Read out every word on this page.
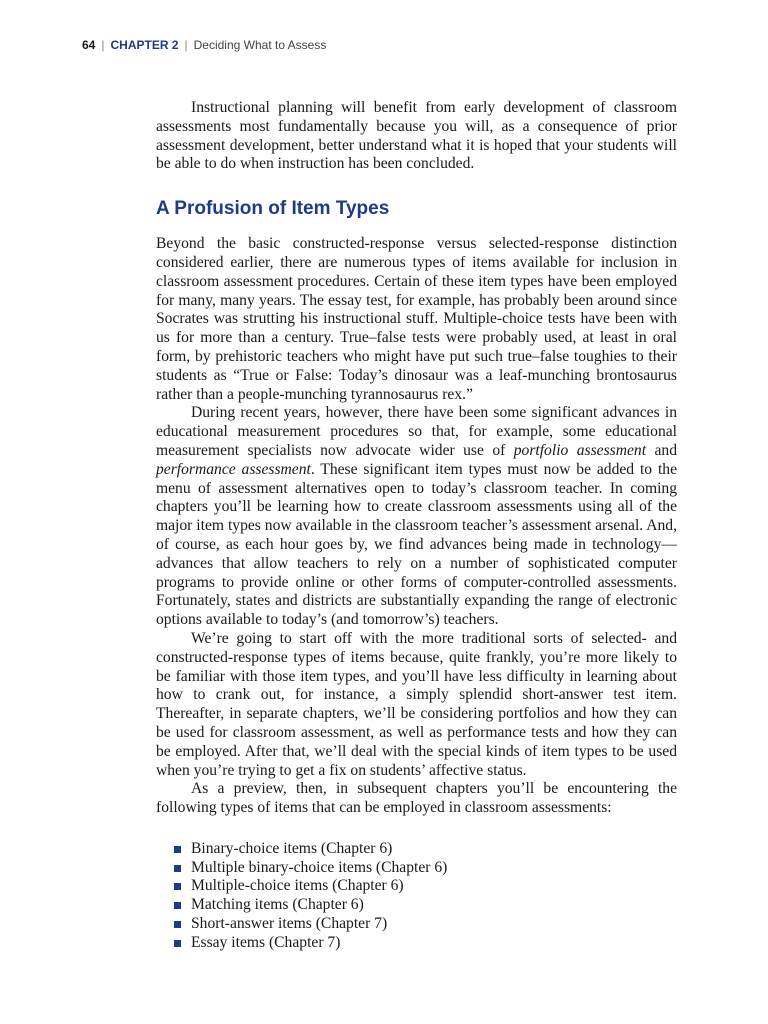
64 | CHAPTER 2 | Deciding What to Assess

Instructional planning will benefit from early development of classroom assessments most fundamentally because you will, as a consequence of prior assessment development, better understand what it is hoped that your students will be able to do when instruction has been concluded.

A Profusion of Item Types

Beyond the basic constructed-response versus selected-response distinction considered earlier, there are numerous types of items available for inclusion in classroom assessment procedures. Certain of these item types have been employed for many, many years. The essay test, for example, has probably been around since Socrates was strutting his instructional stuff. Multiple-choice tests have been with us for more than a century. True–false tests were probably used, at least in oral form, by prehistoric teachers who might have put such true–false toughies to their students as “True or False: Today’s dinosaur was a leaf-munching brontosaurus rather than a people-munching tyrannosaurus rex.”

During recent years, however, there have been some significant advances in educational measurement procedures so that, for example, some educational measurement specialists now advocate wider use of portfolio assessment and performance assessment. These significant item types must now be added to the menu of assessment alternatives open to today’s classroom teacher. In coming chapters you’ll be learning how to create classroom assessments using all of the major item types now available in the classroom teacher’s assessment arsenal. And, of course, as each hour goes by, we find advances being made in technology—advances that allow teachers to rely on a number of sophisticated computer programs to provide online or other forms of computer-controlled assessments. Fortunately, states and districts are substantially expanding the range of electronic options available to today’s (and tomorrow’s) teachers.

We’re going to start off with the more traditional sorts of selected- and constructed-response types of items because, quite frankly, you’re more likely to be familiar with those item types, and you’ll have less difficulty in learning about how to crank out, for instance, a simply splendid short-answer test item. Thereafter, in separate chapters, we’ll be considering portfolios and how they can be used for classroom assessment, as well as performance tests and how they can be employed. After that, we’ll deal with the special kinds of item types to be used when you’re trying to get a fix on students’ affective status.

As a preview, then, in subsequent chapters you’ll be encountering the following types of items that can be employed in classroom assessments:

Binary-choice items (Chapter 6)
Multiple binary-choice items (Chapter 6)
Multiple-choice items (Chapter 6)
Matching items (Chapter 6)
Short-answer items (Chapter 7)
Essay items (Chapter 7)
